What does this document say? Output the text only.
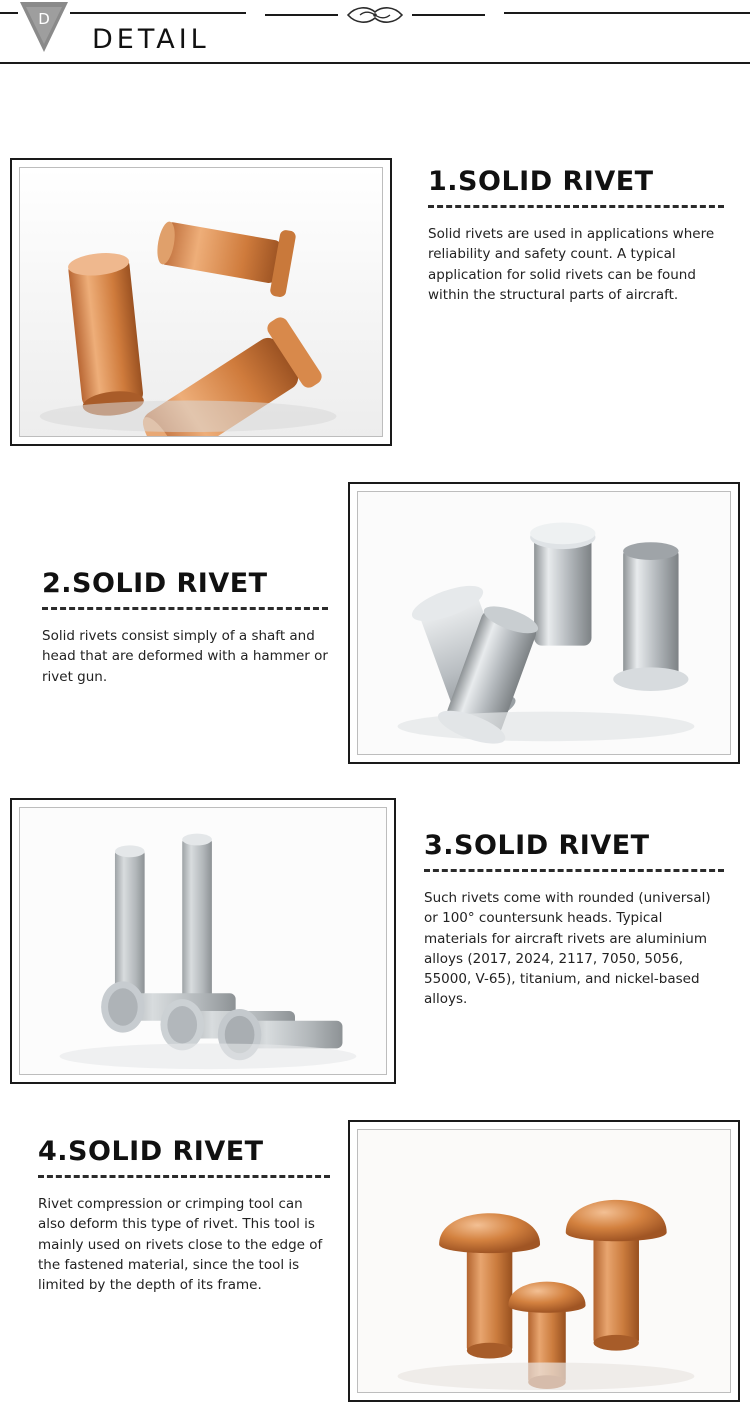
D
DETAIL
1.SOLID RIVET

Solid rivets are used in applications where reliability and safety count. A typical application for solid rivets can be found within the structural parts of aircraft.

2.SOLID RIVET

Solid rivets consist simply of a shaft and head that are deformed with a hammer or rivet gun.

3.SOLID RIVET

Such rivets come with rounded (universal) or 100° countersunk heads. Typical materials for aircraft rivets are aluminium alloys (2017, 2024, 2117, 7050, 5056, 55000, V-65), titanium, and nickel-based alloys.

4.SOLID RIVET

Rivet compression or crimping tool can also deform this type of rivet. This tool is mainly used on rivets close to the edge of the fastened material, since the tool is limited by the depth of its frame.
